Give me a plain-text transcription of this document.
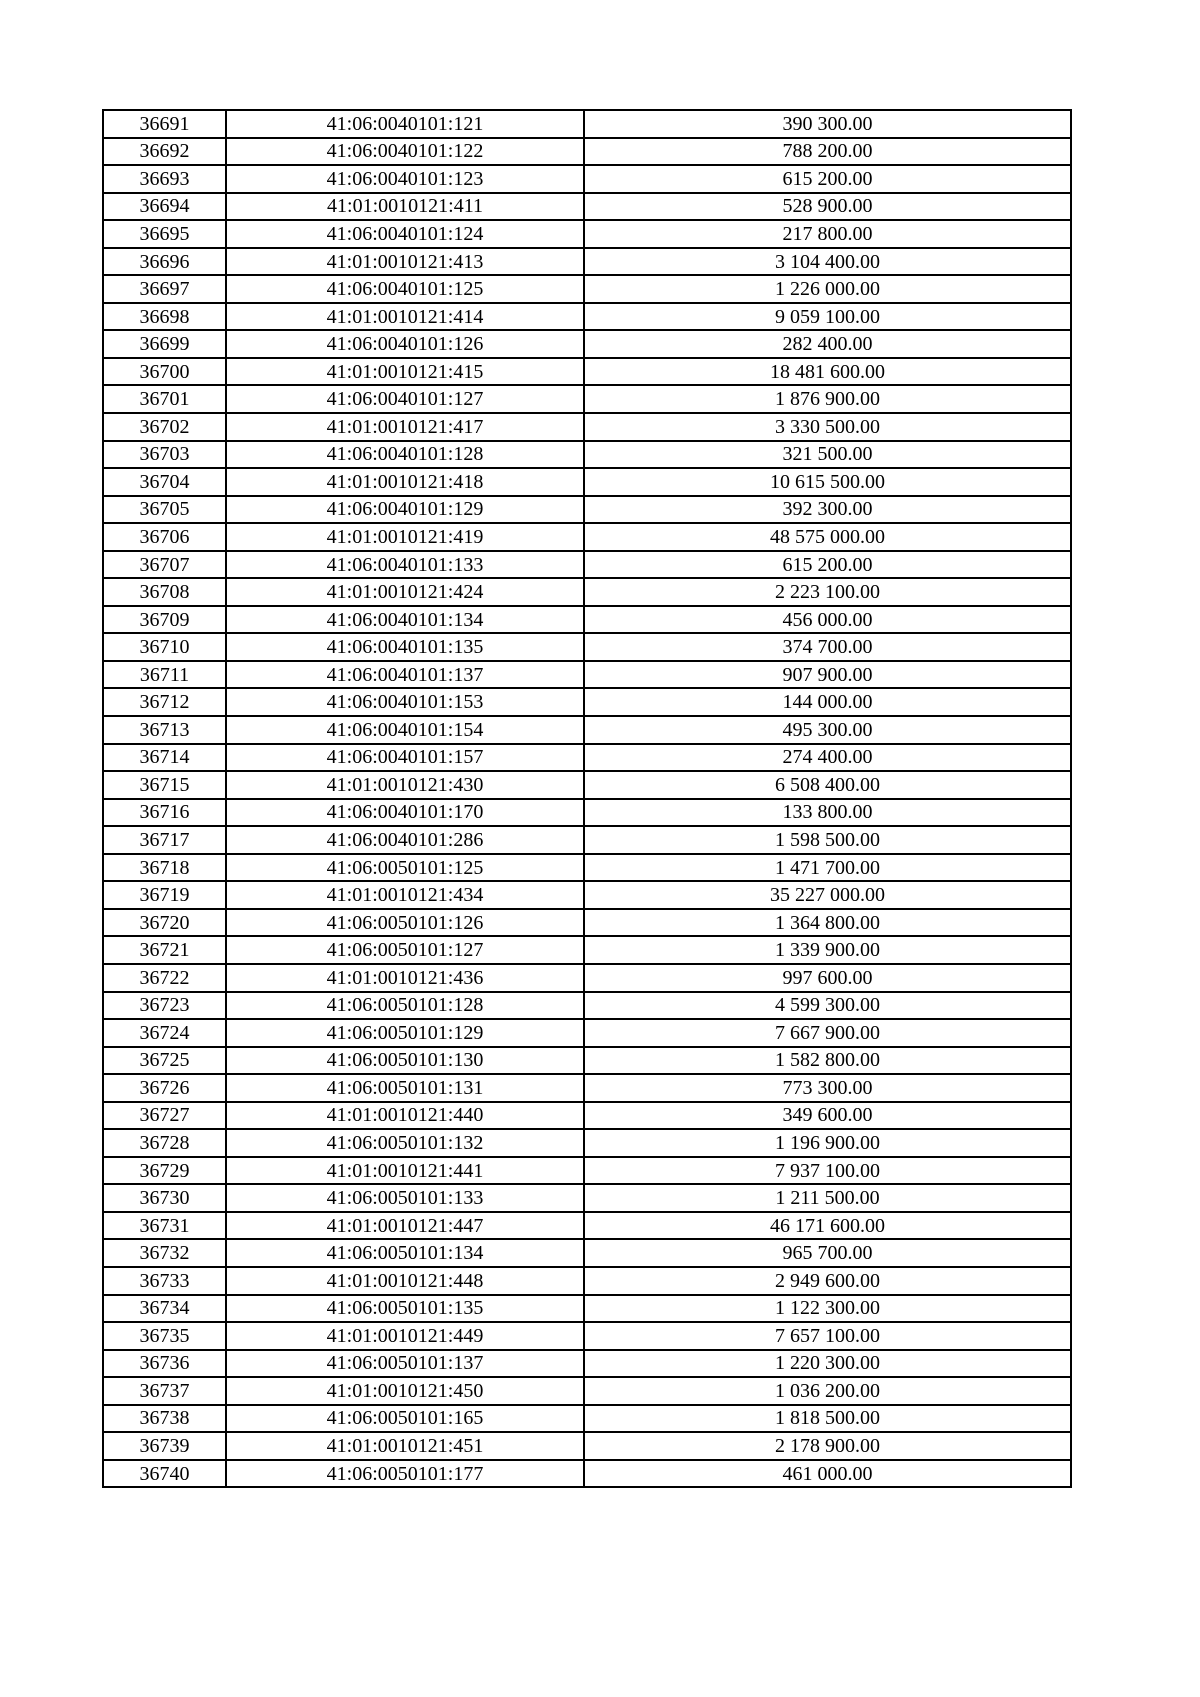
36691	41:06:0040101:121	390 300.00
36692	41:06:0040101:122	788 200.00
36693	41:06:0040101:123	615 200.00
36694	41:01:0010121:411	528 900.00
36695	41:06:0040101:124	217 800.00
36696	41:01:0010121:413	3 104 400.00
36697	41:06:0040101:125	1 226 000.00
36698	41:01:0010121:414	9 059 100.00
36699	41:06:0040101:126	282 400.00
36700	41:01:0010121:415	18 481 600.00
36701	41:06:0040101:127	1 876 900.00
36702	41:01:0010121:417	3 330 500.00
36703	41:06:0040101:128	321 500.00
36704	41:01:0010121:418	10 615 500.00
36705	41:06:0040101:129	392 300.00
36706	41:01:0010121:419	48 575 000.00
36707	41:06:0040101:133	615 200.00
36708	41:01:0010121:424	2 223 100.00
36709	41:06:0040101:134	456 000.00
36710	41:06:0040101:135	374 700.00
36711	41:06:0040101:137	907 900.00
36712	41:06:0040101:153	144 000.00
36713	41:06:0040101:154	495 300.00
36714	41:06:0040101:157	274 400.00
36715	41:01:0010121:430	6 508 400.00
36716	41:06:0040101:170	133 800.00
36717	41:06:0040101:286	1 598 500.00
36718	41:06:0050101:125	1 471 700.00
36719	41:01:0010121:434	35 227 000.00
36720	41:06:0050101:126	1 364 800.00
36721	41:06:0050101:127	1 339 900.00
36722	41:01:0010121:436	997 600.00
36723	41:06:0050101:128	4 599 300.00
36724	41:06:0050101:129	7 667 900.00
36725	41:06:0050101:130	1 582 800.00
36726	41:06:0050101:131	773 300.00
36727	41:01:0010121:440	349 600.00
36728	41:06:0050101:132	1 196 900.00
36729	41:01:0010121:441	7 937 100.00
36730	41:06:0050101:133	1 211 500.00
36731	41:01:0010121:447	46 171 600.00
36732	41:06:0050101:134	965 700.00
36733	41:01:0010121:448	2 949 600.00
36734	41:06:0050101:135	1 122 300.00
36735	41:01:0010121:449	7 657 100.00
36736	41:06:0050101:137	1 220 300.00
36737	41:01:0010121:450	1 036 200.00
36738	41:06:0050101:165	1 818 500.00
36739	41:01:0010121:451	2 178 900.00
36740	41:06:0050101:177	461 000.00
